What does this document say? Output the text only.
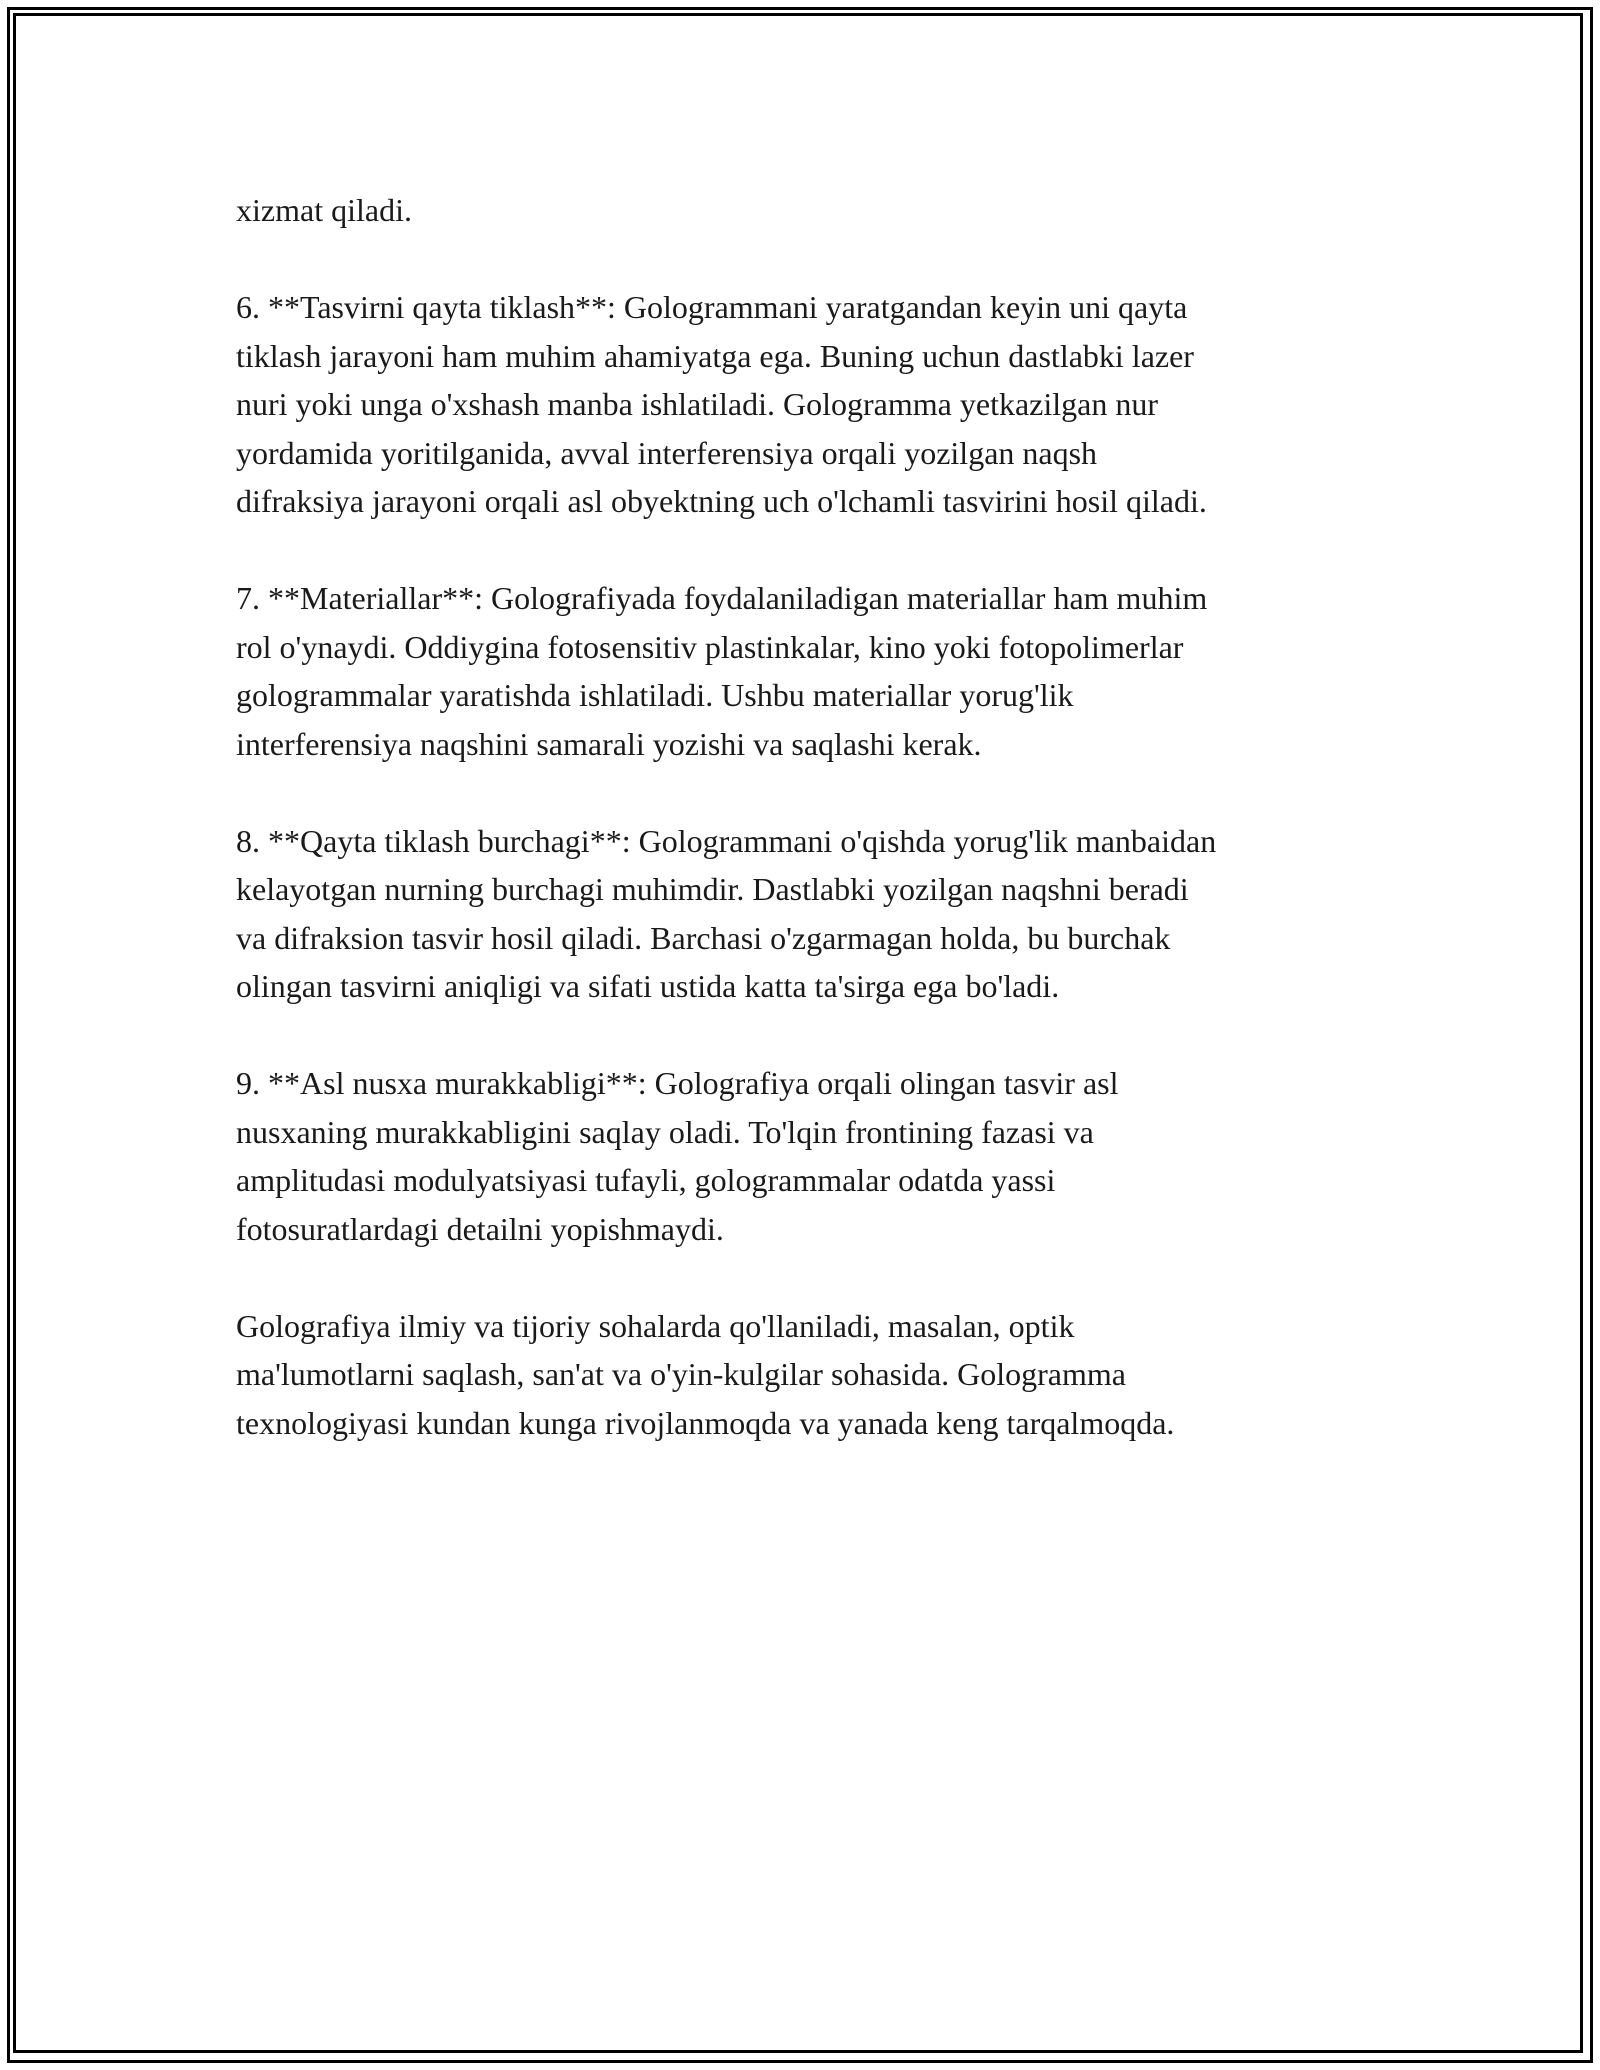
xizmat qiladi.
6. **Tasvirni qayta tiklash**: Gologrammani yaratgandan keyin uni qayta
tiklash jarayoni ham muhim ahamiyatga ega. Buning uchun dastlabki lazer
nuri yoki unga o'xshash manba ishlatiladi. Gologramma yetkazilgan nur
yordamida yoritilganida, avval interferensiya orqali yozilgan naqsh
difraksiya jarayoni orqali asl obyektning uch o'lchamli tasvirini hosil qiladi.
7. **Materiallar**: Golografiyada foydalaniladigan materiallar ham muhim
rol o'ynaydi. Oddiygina fotosensitiv plastinkalar, kino yoki fotopolimerlar
gologrammalar yaratishda ishlatiladi. Ushbu materiallar yorug'lik
interferensiya naqshini samarali yozishi va saqlashi kerak.
8. **Qayta tiklash burchagi**: Gologrammani o'qishda yorug'lik manbaidan
kelayotgan nurning burchagi muhimdir. Dastlabki yozilgan naqshni beradi
va difraksion tasvir hosil qiladi. Barchasi o'zgarmagan holda, bu burchak
olingan tasvirni aniqligi va sifati ustida katta ta'sirga ega bo'ladi.
9. **Asl nusxa murakkabligi**: Golografiya orqali olingan tasvir asl
nusxaning murakkabligini saqlay oladi. To'lqin frontining fazasi va
amplitudasi modulyatsiyasi tufayli, gologrammalar odatda yassi
fotosuratlardagi detailni yopishmaydi.
Golografiya ilmiy va tijoriy sohalarda qo'llaniladi, masalan, optik
ma'lumotlarni saqlash, san'at va o'yin-kulgilar sohasida. Gologramma
texnologiyasi kundan kunga rivojlanmoqda va yanada keng tarqalmoqda.
